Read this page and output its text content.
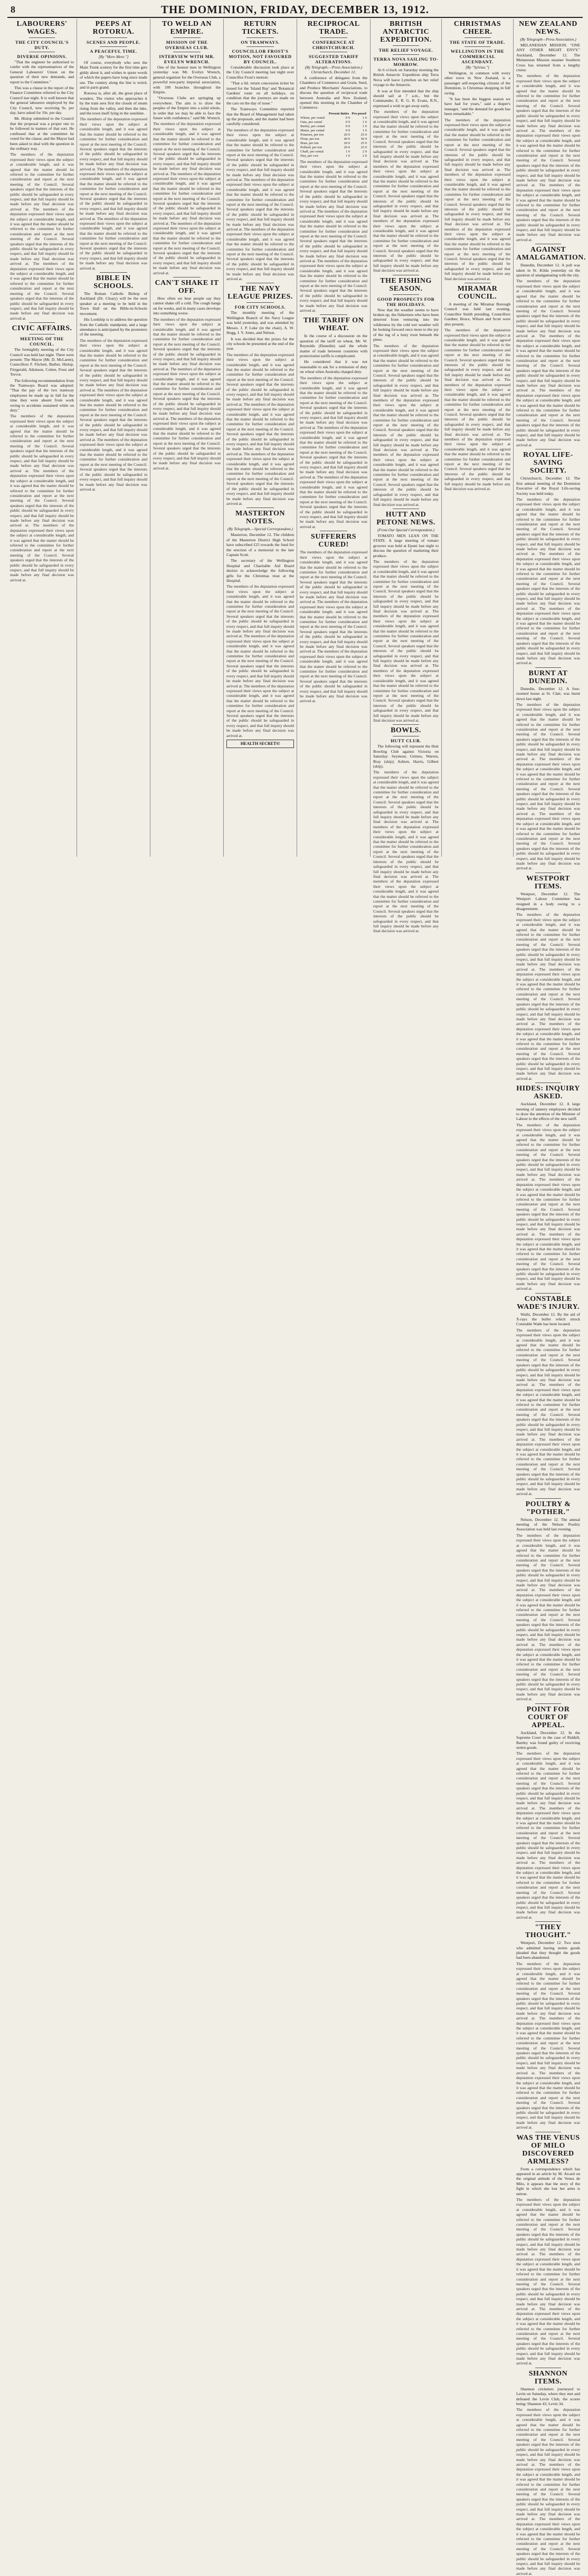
8	THE DOMINION, FRIDAY, DECEMBER 13, 1912.
LABOURERS' WAGES.
THE CITY COUNCIL'S DUTY.
DIVERSE OPINIONS.

"That the engineer be authorised to confer with the representatives of the General Labourers' Union on the question of their new demands, and report to the Committee."

This was a clause in the report of the Finance Committee referred to the City Council last night. It is well known that the general labourers employed by the City Council, now receiving 9s. per day, have asked for 10s. per day.

Mr. Hislop submitted to the Council that the proposal was a proper one to be followed in matters of that sort. He confessed that at the committee he voted for the clause, and the Mayor had been asked to deal with the question in the ordinary way.

The members of the deputation expressed their views upon the subject at considerable length, and it was agreed that the matter should be referred to the committee for further consideration and report at the next meeting of the Council. Several speakers urged that the interests of the public should be safeguarded in every respect, and that full inquiry should be made before any final decision was arrived at. The members of the deputation expressed their views upon the subject at considerable length, and it was agreed that the matter should be referred to the committee for further consideration and report at the next meeting of the Council. Several speakers urged that the interests of the public should be safeguarded in every respect, and that full inquiry should be made before any final decision was arrived at. The members of the deputation expressed their views upon the subject at considerable length, and it was agreed that the matter should be referred to the committee for further consideration and report at the next meeting of the Council. Several speakers urged that the interests of the public should be safeguarded in every respect, and that full inquiry should be made before any final decision was arrived at.
CIVIC AFFAIRS.
MEETING OF THE COUNCIL.

The fortnightly meeting of the City Council was held last night. There were present: The Mayor (Mr. D. McLaren), Councillors F. Fitchett, Barber, Hislop, Fitzgerald, Atkinson, Cohen, Frost and Trevor.

The following recommendation from the Tramways Board was adopted: "That the pay of the two tramway employees be made up in full for the time they were absent from work owing to accidents sustained while on duty."

The members of the deputation expressed their views upon the subject at considerable length, and it was agreed that the matter should be referred to the committee for further consideration and report at the next meeting of the Council. Several speakers urged that the interests of the public should be safeguarded in every respect, and that full inquiry should be made before any final decision was arrived at. The members of the deputation expressed their views upon the subject at considerable length, and it was agreed that the matter should be referred to the committee for further consideration and report at the next meeting of the Council. Several speakers urged that the interests of the public should be safeguarded in every respect, and that full inquiry should be made before any final decision was arrived at. The members of the deputation expressed their views upon the subject at considerable length, and it was agreed that the matter should be referred to the committee for further consideration and report at the next meeting of the Council. Several speakers urged that the interests of the public should be safeguarded in every respect, and that full inquiry should be made before any final decision was arrived at.
PEEPS AT ROTORUA.
SCENES AND PEOPLE.
A PEACEFUL TIME.
[By "Mere Mere."]

Of course, everybody who sees the Main Trunk scenery for the first time gets giddy about it, and wishes to quote words of which the papers have long since made use. The country along the line is weird, and in parts grand.

Rotorua is, after all, the great place of wonders. The visitor who approaches it by the train sees first the clouds of steam rising from the valley, and then the lake, and the town itself lying in the sunshine.

The members of the deputation expressed their views upon the subject at considerable length, and it was agreed that the matter should be referred to the committee for further consideration and report at the next meeting of the Council. Several speakers urged that the interests of the public should be safeguarded in every respect, and that full inquiry should be made before any final decision was arrived at. The members of the deputation expressed their views upon the subject at considerable length, and it was agreed that the matter should be referred to the committee for further consideration and report at the next meeting of the Council. Several speakers urged that the interests of the public should be safeguarded in every respect, and that full inquiry should be made before any final decision was arrived at. The members of the deputation expressed their views upon the subject at considerable length, and it was agreed that the matter should be referred to the committee for further consideration and report at the next meeting of the Council. Several speakers urged that the interests of the public should be safeguarded in every respect, and that full inquiry should be made before any final decision was arrived at.
BIBLE IN SCHOOLS.

The Roman Catholic Bishop of Auckland (Dr. Cleary) will be the next speaker at a meeting to be held in the Town Hall on the Bible-in-Schools movement.

His Lordship is to address the question from the Catholic standpoint, and a large attendance is anticipated by the promoters of the meeting.

The members of the deputation expressed their views upon the subject at considerable length, and it was agreed that the matter should be referred to the committee for further consideration and report at the next meeting of the Council. Several speakers urged that the interests of the public should be safeguarded in every respect, and that full inquiry should be made before any final decision was arrived at. The members of the deputation expressed their views upon the subject at considerable length, and it was agreed that the matter should be referred to the committee for further consideration and report at the next meeting of the Council. Several speakers urged that the interests of the public should be safeguarded in every respect, and that full inquiry should be made before any final decision was arrived at. The members of the deputation expressed their views upon the subject at considerable length, and it was agreed that the matter should be referred to the committee for further consideration and report at the next meeting of the Council. Several speakers urged that the interests of the public should be safeguarded in every respect, and that full inquiry should be made before any final decision was arrived at.
TO WELD AN EMPIRE.
MISSION OF THE OVERSEAS CLUB.
INTERVIEW WITH MR. EVELYN WRENCH.

One of the busiest men in Wellington yesterday was Mr. Evelyn Wrench, general organiser for the Overseas Club, a powerful non-party imperial association, with 100 branches throughout the Empire.

"Overseas Clubs are springing up everywhere. The aim is to draw the peoples of the Empire into a solid whole, in order that we may be able to face the future with confidence," said Mr. Wrench.

The members of the deputation expressed their views upon the subject at considerable length, and it was agreed that the matter should be referred to the committee for further consideration and report at the next meeting of the Council. Several speakers urged that the interests of the public should be safeguarded in every respect, and that full inquiry should be made before any final decision was arrived at. The members of the deputation expressed their views upon the subject at considerable length, and it was agreed that the matter should be referred to the committee for further consideration and report at the next meeting of the Council. Several speakers urged that the interests of the public should be safeguarded in every respect, and that full inquiry should be made before any final decision was arrived at. The members of the deputation expressed their views upon the subject at considerable length, and it was agreed that the matter should be referred to the committee for further consideration and report at the next meeting of the Council. Several speakers urged that the interests of the public should be safeguarded in every respect, and that full inquiry should be made before any final decision was arrived at.
CAN'T SHAKE IT OFF.

How often we hear people say they cannot shake off a cold. The cough hangs on for weeks, and in many cases develops into something worse.

The members of the deputation expressed their views upon the subject at considerable length, and it was agreed that the matter should be referred to the committee for further consideration and report at the next meeting of the Council. Several speakers urged that the interests of the public should be safeguarded in every respect, and that full inquiry should be made before any final decision was arrived at. The members of the deputation expressed their views upon the subject at considerable length, and it was agreed that the matter should be referred to the committee for further consideration and report at the next meeting of the Council. Several speakers urged that the interests of the public should be safeguarded in every respect, and that full inquiry should be made before any final decision was arrived at. The members of the deputation expressed their views upon the subject at considerable length, and it was agreed that the matter should be referred to the committee for further consideration and report at the next meeting of the Council. Several speakers urged that the interests of the public should be safeguarded in every respect, and that full inquiry should be made before any final decision was arrived at.
RETURN TICKETS.
ON TRAMWAYS.
COUNCILLOR FROST'S MOTION, NOT FAVOURED BY COUNCIL.

Considerable discussion took place at the City Council meeting last night over Councillor Frost's motion:

"That a 6d. return concession ticket be issued for the 'Island Bay' and 'Botanical Gardens' route on all holidays, on condition that the journeys are made on the cars on the day of issue."

The Tramways Committee reported that the Board of Management had taken up the proposals, and the matter had been carefully considered.

The members of the deputation expressed their views upon the subject at considerable length, and it was agreed that the matter should be referred to the committee for further consideration and report at the next meeting of the Council. Several speakers urged that the interests of the public should be safeguarded in every respect, and that full inquiry should be made before any final decision was arrived at. The members of the deputation expressed their views upon the subject at considerable length, and it was agreed that the matter should be referred to the committee for further consideration and report at the next meeting of the Council. Several speakers urged that the interests of the public should be safeguarded in every respect, and that full inquiry should be made before any final decision was arrived at. The members of the deputation expressed their views upon the subject at considerable length, and it was agreed that the matter should be referred to the committee for further consideration and report at the next meeting of the Council. Several speakers urged that the interests of the public should be safeguarded in every respect, and that full inquiry should be made before any final decision was arrived at.
THE NAVY LEAGUE PRIZES.
FOR CITY SCHOOLS.

The monthly meeting of the Wellington Branch of the Navy League was held yesterday, and was attended by Messrs. J. P. Luke (in the chair), A. W. Hogg, J. Y. Jones, and Nelson.

It was decided that the prizes for the city schools be presented at the end of the year.

The members of the deputation expressed their views upon the subject at considerable length, and it was agreed that the matter should be referred to the committee for further consideration and report at the next meeting of the Council. Several speakers urged that the interests of the public should be safeguarded in every respect, and that full inquiry should be made before any final decision was arrived at. The members of the deputation expressed their views upon the subject at considerable length, and it was agreed that the matter should be referred to the committee for further consideration and report at the next meeting of the Council. Several speakers urged that the interests of the public should be safeguarded in every respect, and that full inquiry should be made before any final decision was arrived at. The members of the deputation expressed their views upon the subject at considerable length, and it was agreed that the matter should be referred to the committee for further consideration and report at the next meeting of the Council. Several speakers urged that the interests of the public should be safeguarded in every respect, and that full inquiry should be made before any final decision was arrived at.
MASTERTON NOTES.
(By Telegraph.—Special Correspondent.)

Masterton, December 12. The children of the Masterton District High School have subscribed £25 towards the fund for the erection of a memorial to the late Captain Scott.

The secretary of the Wellington Hospital and Charitable Aid Board desires to acknowledge the following gifts for the Christmas treat at the Hospital.

The members of the deputation expressed their views upon the subject at considerable length, and it was agreed that the matter should be referred to the committee for further consideration and report at the next meeting of the Council. Several speakers urged that the interests of the public should be safeguarded in every respect, and that full inquiry should be made before any final decision was arrived at. The members of the deputation expressed their views upon the subject at considerable length, and it was agreed that the matter should be referred to the committee for further consideration and report at the next meeting of the Council. Several speakers urged that the interests of the public should be safeguarded in every respect, and that full inquiry should be made before any final decision was arrived at. The members of the deputation expressed their views upon the subject at considerable length, and it was agreed that the matter should be referred to the committee for further consideration and report at the next meeting of the Council. Several speakers urged that the interests of the public should be safeguarded in every respect, and that full inquiry should be made before any final decision was arrived at.
HEALTH SECRETS!
RECIPROCAL TRADE.
CONFERENCE AT CHRISTCHURCH.
SUGGESTED TARIFF ALTERATIONS.
(By Telegraph.—Press Association.) Christchurch, December 12.

A conference of delegates from the Chambers of Commerce and Grain, Seed, and Produce Merchants' Associations, to discuss the question of reciprocal trade between Australia and New Zealand, opened this morning in the Chamber of Commerce.

	Present duties	Pro-posed
Wheat, per cental	0 9	1 6
Oats, per cental	0 9	1 6
Barley, per cental	0 9	1 6
Maize, per cental	0 9	1 6
Potatoes, per ton	20 0	25 0
Flour, per ton	40 0	50 0
Bran, per ton	20 0	25 0
Pollard, per ton	20 0	25 0
Chaff, per cental	1 0	2 0
Hay, per cwt.	1 0	2 0
The members of the deputation expressed their views upon the subject at considerable length, and it was agreed that the matter should be referred to the committee for further consideration and report at the next meeting of the Council. Several speakers urged that the interests of the public should be safeguarded in every respect, and that full inquiry should be made before any final decision was arrived at. The members of the deputation expressed their views upon the subject at considerable length, and it was agreed that the matter should be referred to the committee for further consideration and report at the next meeting of the Council. Several speakers urged that the interests of the public should be safeguarded in every respect, and that full inquiry should be made before any final decision was arrived at. The members of the deputation expressed their views upon the subject at considerable length, and it was agreed that the matter should be referred to the committee for further consideration and report at the next meeting of the Council. Several speakers urged that the interests of the public should be safeguarded in every respect, and that full inquiry should be made before any final decision was arrived at.
THE TARIFF ON WHEAT.

In the course of a discussion on the question of the tariff on wheat, Mr. W. Reynolds (Dunedin) said the whole matter of trade between countries with protectionist tariffs is complicated.

He considered that it was not reasonable to ask for a remission of duty on wheat when Australia charged duty.

The members of the deputation expressed their views upon the subject at considerable length, and it was agreed that the matter should be referred to the committee for further consideration and report at the next meeting of the Council. Several speakers urged that the interests of the public should be safeguarded in every respect, and that full inquiry should be made before any final decision was arrived at. The members of the deputation expressed their views upon the subject at considerable length, and it was agreed that the matter should be referred to the committee for further consideration and report at the next meeting of the Council. Several speakers urged that the interests of the public should be safeguarded in every respect, and that full inquiry should be made before any final decision was arrived at. The members of the deputation expressed their views upon the subject at considerable length, and it was agreed that the matter should be referred to the committee for further consideration and report at the next meeting of the Council. Several speakers urged that the interests of the public should be safeguarded in every respect, and that full inquiry should be made before any final decision was arrived at.
SUFFERERS CURED!
The members of the deputation expressed their views upon the subject at considerable length, and it was agreed that the matter should be referred to the committee for further consideration and report at the next meeting of the Council. Several speakers urged that the interests of the public should be safeguarded in every respect, and that full inquiry should be made before any final decision was arrived at. The members of the deputation expressed their views upon the subject at considerable length, and it was agreed that the matter should be referred to the committee for further consideration and report at the next meeting of the Council. Several speakers urged that the interests of the public should be safeguarded in every respect, and that full inquiry should be made before any final decision was arrived at. The members of the deputation expressed their views upon the subject at considerable length, and it was agreed that the matter should be referred to the committee for further consideration and report at the next meeting of the Council. Several speakers urged that the interests of the public should be safeguarded in every respect, and that full inquiry should be made before any final decision was arrived at.
BRITISH ANTARCTIC EXPEDITION.
THE RELIEF VOYAGE.
TERRA NOVA SAILING TO-MORROW.

At 6 o'clock on Saturday morning the British Antarctic Expedition ship Terra Nova will leave Lyttelton on her relief voyage to the Antarctic.

It was at first intended that the ship should sail at 7 a.m., but the Commander, E. R. G. R. Evans, R.N., expressed a wish to get away early.

The members of the deputation expressed their views upon the subject at considerable length, and it was agreed that the matter should be referred to the committee for further consideration and report at the next meeting of the Council. Several speakers urged that the interests of the public should be safeguarded in every respect, and that full inquiry should be made before any final decision was arrived at. The members of the deputation expressed their views upon the subject at considerable length, and it was agreed that the matter should be referred to the committee for further consideration and report at the next meeting of the Council. Several speakers urged that the interests of the public should be safeguarded in every respect, and that full inquiry should be made before any final decision was arrived at. The members of the deputation expressed their views upon the subject at considerable length, and it was agreed that the matter should be referred to the committee for further consideration and report at the next meeting of the Council. Several speakers urged that the interests of the public should be safeguarded in every respect, and that full inquiry should be made before any final decision was arrived at.
THE FISHING SEASON.
GOOD PROSPECTS FOR THE HOLIDAYS.

Now that the weather seems to have broken up, the fishermen who have been deterred from venturing into the wilderness by the cold wet weather will be looking forward once more to the joy of the tug of a lusty trout beneath the pines.

The members of the deputation expressed their views upon the subject at considerable length, and it was agreed that the matter should be referred to the committee for further consideration and report at the next meeting of the Council. Several speakers urged that the interests of the public should be safeguarded in every respect, and that full inquiry should be made before any final decision was arrived at. The members of the deputation expressed their views upon the subject at considerable length, and it was agreed that the matter should be referred to the committee for further consideration and report at the next meeting of the Council. Several speakers urged that the interests of the public should be safeguarded in every respect, and that full inquiry should be made before any final decision was arrived at. The members of the deputation expressed their views upon the subject at considerable length, and it was agreed that the matter should be referred to the committee for further consideration and report at the next meeting of the Council. Several speakers urged that the interests of the public should be safeguarded in every respect, and that full inquiry should be made before any final decision was arrived at.
HUTT AND PETONE NEWS.
(From Our Special Correspondent.)

TOMATO MEN LEAN ON THE STATE. A large meeting of tomato growers was held at Epuni last night to discuss the question of marketing their produce.

The members of the deputation expressed their views upon the subject at considerable length, and it was agreed that the matter should be referred to the committee for further consideration and report at the next meeting of the Council. Several speakers urged that the interests of the public should be safeguarded in every respect, and that full inquiry should be made before any final decision was arrived at. The members of the deputation expressed their views upon the subject at considerable length, and it was agreed that the matter should be referred to the committee for further consideration and report at the next meeting of the Council. Several speakers urged that the interests of the public should be safeguarded in every respect, and that full inquiry should be made before any final decision was arrived at. The members of the deputation expressed their views upon the subject at considerable length, and it was agreed that the matter should be referred to the committee for further consideration and report at the next meeting of the Council. Several speakers urged that the interests of the public should be safeguarded in every respect, and that full inquiry should be made before any final decision was arrived at.
BOWLS.
HUTT CLUB.

The following will represent the Hutt Bowling Club against Victoria on Saturday: Seymour, Grimes, Warren, Bray (skip); Ashton, Harris, Gilbert (skip).

The members of the deputation expressed their views upon the subject at considerable length, and it was agreed that the matter should be referred to the committee for further consideration and report at the next meeting of the Council. Several speakers urged that the interests of the public should be safeguarded in every respect, and that full inquiry should be made before any final decision was arrived at. The members of the deputation expressed their views upon the subject at considerable length, and it was agreed that the matter should be referred to the committee for further consideration and report at the next meeting of the Council. Several speakers urged that the interests of the public should be safeguarded in every respect, and that full inquiry should be made before any final decision was arrived at. The members of the deputation expressed their views upon the subject at considerable length, and it was agreed that the matter should be referred to the committee for further consideration and report at the next meeting of the Council. Several speakers urged that the interests of the public should be safeguarded in every respect, and that full inquiry should be made before any final decision was arrived at.
CHRISTMAS CHEER.
THE STATE OF TRADE.
WELLINGTON IN THE COMMERCIAL ASCENDANT.
[By "Sylvius."]

Wellington, in common with every other town in New Zealand, is a passenger self-respecting citizens of the Dominion, is Christmas shopping in full swing.

"It has been the biggest season we have had for years," said a draper's manager, "and the demand for goods has been remarkable."

The members of the deputation expressed their views upon the subject at considerable length, and it was agreed that the matter should be referred to the committee for further consideration and report at the next meeting of the Council. Several speakers urged that the interests of the public should be safeguarded in every respect, and that full inquiry should be made before any final decision was arrived at. The members of the deputation expressed their views upon the subject at considerable length, and it was agreed that the matter should be referred to the committee for further consideration and report at the next meeting of the Council. Several speakers urged that the interests of the public should be safeguarded in every respect, and that full inquiry should be made before any final decision was arrived at. The members of the deputation expressed their views upon the subject at considerable length, and it was agreed that the matter should be referred to the committee for further consideration and report at the next meeting of the Council. Several speakers urged that the interests of the public should be safeguarded in every respect, and that full inquiry should be made before any final decision was arrived at.
MIRAMAR COUNCIL.

A meeting of the Miramar Borough Council was held last evening. Councillor Smith presiding. Councillors Gardner, Bruce, Wilson and Scott were also present.

The members of the deputation expressed their views upon the subject at considerable length, and it was agreed that the matter should be referred to the committee for further consideration and report at the next meeting of the Council. Several speakers urged that the interests of the public should be safeguarded in every respect, and that full inquiry should be made before any final decision was arrived at. The members of the deputation expressed their views upon the subject at considerable length, and it was agreed that the matter should be referred to the committee for further consideration and report at the next meeting of the Council. Several speakers urged that the interests of the public should be safeguarded in every respect, and that full inquiry should be made before any final decision was arrived at. The members of the deputation expressed their views upon the subject at considerable length, and it was agreed that the matter should be referred to the committee for further consideration and report at the next meeting of the Council. Several speakers urged that the interests of the public should be safeguarded in every respect, and that full inquiry should be made before any final decision was arrived at.
NEW ZEALAND NEWS.
(By Telegraph—Press Association.)

MELANESIAN MISSION. "ONE ANY OTHER MIGHT ENVY." Auckland, December 12. The Melanesian Mission steamer Southern Cross has returned from a lengthy cruise.

The members of the deputation expressed their views upon the subject at considerable length, and it was agreed that the matter should be referred to the committee for further consideration and report at the next meeting of the Council. Several speakers urged that the interests of the public should be safeguarded in every respect, and that full inquiry should be made before any final decision was arrived at. The members of the deputation expressed their views upon the subject at considerable length, and it was agreed that the matter should be referred to the committee for further consideration and report at the next meeting of the Council. Several speakers urged that the interests of the public should be safeguarded in every respect, and that full inquiry should be made before any final decision was arrived at. The members of the deputation expressed their views upon the subject at considerable length, and it was agreed that the matter should be referred to the committee for further consideration and report at the next meeting of the Council. Several speakers urged that the interests of the public should be safeguarded in every respect, and that full inquiry should be made before any final decision was arrived at.
AGAINST AMALGAMATION.

Dunedin, December 12. A poll was taken in St. Kilda yesterday on the question of amalgamating with the city.

The members of the deputation expressed their views upon the subject at considerable length, and it was agreed that the matter should be referred to the committee for further consideration and report at the next meeting of the Council. Several speakers urged that the interests of the public should be safeguarded in every respect, and that full inquiry should be made before any final decision was arrived at. The members of the deputation expressed their views upon the subject at considerable length, and it was agreed that the matter should be referred to the committee for further consideration and report at the next meeting of the Council. Several speakers urged that the interests of the public should be safeguarded in every respect, and that full inquiry should be made before any final decision was arrived at. The members of the deputation expressed their views upon the subject at considerable length, and it was agreed that the matter should be referred to the committee for further consideration and report at the next meeting of the Council. Several speakers urged that the interests of the public should be safeguarded in every respect, and that full inquiry should be made before any final decision was arrived at.
ROYAL LIFE-SAVING SOCIETY.

Christchurch, December 12. The first annual meeting of the Dominion Executive of the Royal Life-saving Society was held today.

The members of the deputation expressed their views upon the subject at considerable length, and it was agreed that the matter should be referred to the committee for further consideration and report at the next meeting of the Council. Several speakers urged that the interests of the public should be safeguarded in every respect, and that full inquiry should be made before any final decision was arrived at. The members of the deputation expressed their views upon the subject at considerable length, and it was agreed that the matter should be referred to the committee for further consideration and report at the next meeting of the Council. Several speakers urged that the interests of the public should be safeguarded in every respect, and that full inquiry should be made before any final decision was arrived at. The members of the deputation expressed their views upon the subject at considerable length, and it was agreed that the matter should be referred to the committee for further consideration and report at the next meeting of the Council. Several speakers urged that the interests of the public should be safeguarded in every respect, and that full inquiry should be made before any final decision was arrived at.
BURNT AT DUNEDIN.

Dunedin, December 12. A four-roomed house at St. Clair, was burnt down last night.

The members of the deputation expressed their views upon the subject at considerable length, and it was agreed that the matter should be referred to the committee for further consideration and report at the next meeting of the Council. Several speakers urged that the interests of the public should be safeguarded in every respect, and that full inquiry should be made before any final decision was arrived at. The members of the deputation expressed their views upon the subject at considerable length, and it was agreed that the matter should be referred to the committee for further consideration and report at the next meeting of the Council. Several speakers urged that the interests of the public should be safeguarded in every respect, and that full inquiry should be made before any final decision was arrived at. The members of the deputation expressed their views upon the subject at considerable length, and it was agreed that the matter should be referred to the committee for further consideration and report at the next meeting of the Council. Several speakers urged that the interests of the public should be safeguarded in every respect, and that full inquiry should be made before any final decision was arrived at.
WESTPORT ITEMS.

Westport, December 12. The Westport Labour Committee has resigned in a body owing to a disagreement.

The members of the deputation expressed their views upon the subject at considerable length, and it was agreed that the matter should be referred to the committee for further consideration and report at the next meeting of the Council. Several speakers urged that the interests of the public should be safeguarded in every respect, and that full inquiry should be made before any final decision was arrived at. The members of the deputation expressed their views upon the subject at considerable length, and it was agreed that the matter should be referred to the committee for further consideration and report at the next meeting of the Council. Several speakers urged that the interests of the public should be safeguarded in every respect, and that full inquiry should be made before any final decision was arrived at. The members of the deputation expressed their views upon the subject at considerable length, and it was agreed that the matter should be referred to the committee for further consideration and report at the next meeting of the Council. Several speakers urged that the interests of the public should be safeguarded in every respect, and that full inquiry should be made before any final decision was arrived at.
HIDES: INQUIRY ASKED.

Auckland, December 12. A large meeting of tannery employees decided to draw the attention of the Minister of Labour to the effects of the new tariff.

The members of the deputation expressed their views upon the subject at considerable length, and it was agreed that the matter should be referred to the committee for further consideration and report at the next meeting of the Council. Several speakers urged that the interests of the public should be safeguarded in every respect, and that full inquiry should be made before any final decision was arrived at. The members of the deputation expressed their views upon the subject at considerable length, and it was agreed that the matter should be referred to the committee for further consideration and report at the next meeting of the Council. Several speakers urged that the interests of the public should be safeguarded in every respect, and that full inquiry should be made before any final decision was arrived at. The members of the deputation expressed their views upon the subject at considerable length, and it was agreed that the matter should be referred to the committee for further consideration and report at the next meeting of the Council. Several speakers urged that the interests of the public should be safeguarded in every respect, and that full inquiry should be made before any final decision was arrived at.
CONSTABLE WADE'S INJURY.

Waihi, December 12. By the aid of X-rays the bullet which struck Constable Wade has been located.

The members of the deputation expressed their views upon the subject at considerable length, and it was agreed that the matter should be referred to the committee for further consideration and report at the next meeting of the Council. Several speakers urged that the interests of the public should be safeguarded in every respect, and that full inquiry should be made before any final decision was arrived at. The members of the deputation expressed their views upon the subject at considerable length, and it was agreed that the matter should be referred to the committee for further consideration and report at the next meeting of the Council. Several speakers urged that the interests of the public should be safeguarded in every respect, and that full inquiry should be made before any final decision was arrived at. The members of the deputation expressed their views upon the subject at considerable length, and it was agreed that the matter should be referred to the committee for further consideration and report at the next meeting of the Council. Several speakers urged that the interests of the public should be safeguarded in every respect, and that full inquiry should be made before any final decision was arrived at.
POULTRY & "POTHER."

Nelson, December 12. The annual meeting of the Nelson Poultry Association was held last evening.

The members of the deputation expressed their views upon the subject at considerable length, and it was agreed that the matter should be referred to the committee for further consideration and report at the next meeting of the Council. Several speakers urged that the interests of the public should be safeguarded in every respect, and that full inquiry should be made before any final decision was arrived at. The members of the deputation expressed their views upon the subject at considerable length, and it was agreed that the matter should be referred to the committee for further consideration and report at the next meeting of the Council. Several speakers urged that the interests of the public should be safeguarded in every respect, and that full inquiry should be made before any final decision was arrived at. The members of the deputation expressed their views upon the subject at considerable length, and it was agreed that the matter should be referred to the committee for further consideration and report at the next meeting of the Council. Several speakers urged that the interests of the public should be safeguarded in every respect, and that full inquiry should be made before any final decision was arrived at.
POINT FOR COURT OF APPEAL.

Auckland, December 12. In the Supreme Court in the case of Riddell, Bartley was found guilty of receiving stolen goods.

The members of the deputation expressed their views upon the subject at considerable length, and it was agreed that the matter should be referred to the committee for further consideration and report at the next meeting of the Council. Several speakers urged that the interests of the public should be safeguarded in every respect, and that full inquiry should be made before any final decision was arrived at. The members of the deputation expressed their views upon the subject at considerable length, and it was agreed that the matter should be referred to the committee for further consideration and report at the next meeting of the Council. Several speakers urged that the interests of the public should be safeguarded in every respect, and that full inquiry should be made before any final decision was arrived at. The members of the deputation expressed their views upon the subject at considerable length, and it was agreed that the matter should be referred to the committee for further consideration and report at the next meeting of the Council. Several speakers urged that the interests of the public should be safeguarded in every respect, and that full inquiry should be made before any final decision was arrived at.
"THEY THOUGHT."

Westport, December 12. Two men who admitted having stolen goods pleaded that they thought the goods had been abandoned.

The members of the deputation expressed their views upon the subject at considerable length, and it was agreed that the matter should be referred to the committee for further consideration and report at the next meeting of the Council. Several speakers urged that the interests of the public should be safeguarded in every respect, and that full inquiry should be made before any final decision was arrived at. The members of the deputation expressed their views upon the subject at considerable length, and it was agreed that the matter should be referred to the committee for further consideration and report at the next meeting of the Council. Several speakers urged that the interests of the public should be safeguarded in every respect, and that full inquiry should be made before any final decision was arrived at. The members of the deputation expressed their views upon the subject at considerable length, and it was agreed that the matter should be referred to the committee for further consideration and report at the next meeting of the Council. Several speakers urged that the interests of the public should be safeguarded in every respect, and that full inquiry should be made before any final decision was arrived at.
WAS THE VENUS OF MILO DISCOVERED ARMLESS?

From a correspondence which has appeared in an article by M. Aicard on the original attitude of the Venus de Milo, it appears that the story of the fight in which she lost her arms is untrue.

The members of the deputation expressed their views upon the subject at considerable length, and it was agreed that the matter should be referred to the committee for further consideration and report at the next meeting of the Council. Several speakers urged that the interests of the public should be safeguarded in every respect, and that full inquiry should be made before any final decision was arrived at. The members of the deputation expressed their views upon the subject at considerable length, and it was agreed that the matter should be referred to the committee for further consideration and report at the next meeting of the Council. Several speakers urged that the interests of the public should be safeguarded in every respect, and that full inquiry should be made before any final decision was arrived at. The members of the deputation expressed their views upon the subject at considerable length, and it was agreed that the matter should be referred to the committee for further consideration and report at the next meeting of the Council. Several speakers urged that the interests of the public should be safeguarded in every respect, and that full inquiry should be made before any final decision was arrived at.
SHANNON ITEMS.

Shannon cricketers journeyed to Levin on Saturday, where they met and defeated the Levin Club, the scores being: Shannon 43; Levin 34.

The members of the deputation expressed their views upon the subject at considerable length, and it was agreed that the matter should be referred to the committee for further consideration and report at the next meeting of the Council. Several speakers urged that the interests of the public should be safeguarded in every respect, and that full inquiry should be made before any final decision was arrived at. The members of the deputation expressed their views upon the subject at considerable length, and it was agreed that the matter should be referred to the committee for further consideration and report at the next meeting of the Council. Several speakers urged that the interests of the public should be safeguarded in every respect, and that full inquiry should be made before any final decision was arrived at. The members of the deputation expressed their views upon the subject at considerable length, and it was agreed that the matter should be referred to the committee for further consideration and report at the next meeting of the Council. Several speakers urged that the interests of the public should be safeguarded in every respect, and that full inquiry should be made before any final decision was arrived at.
